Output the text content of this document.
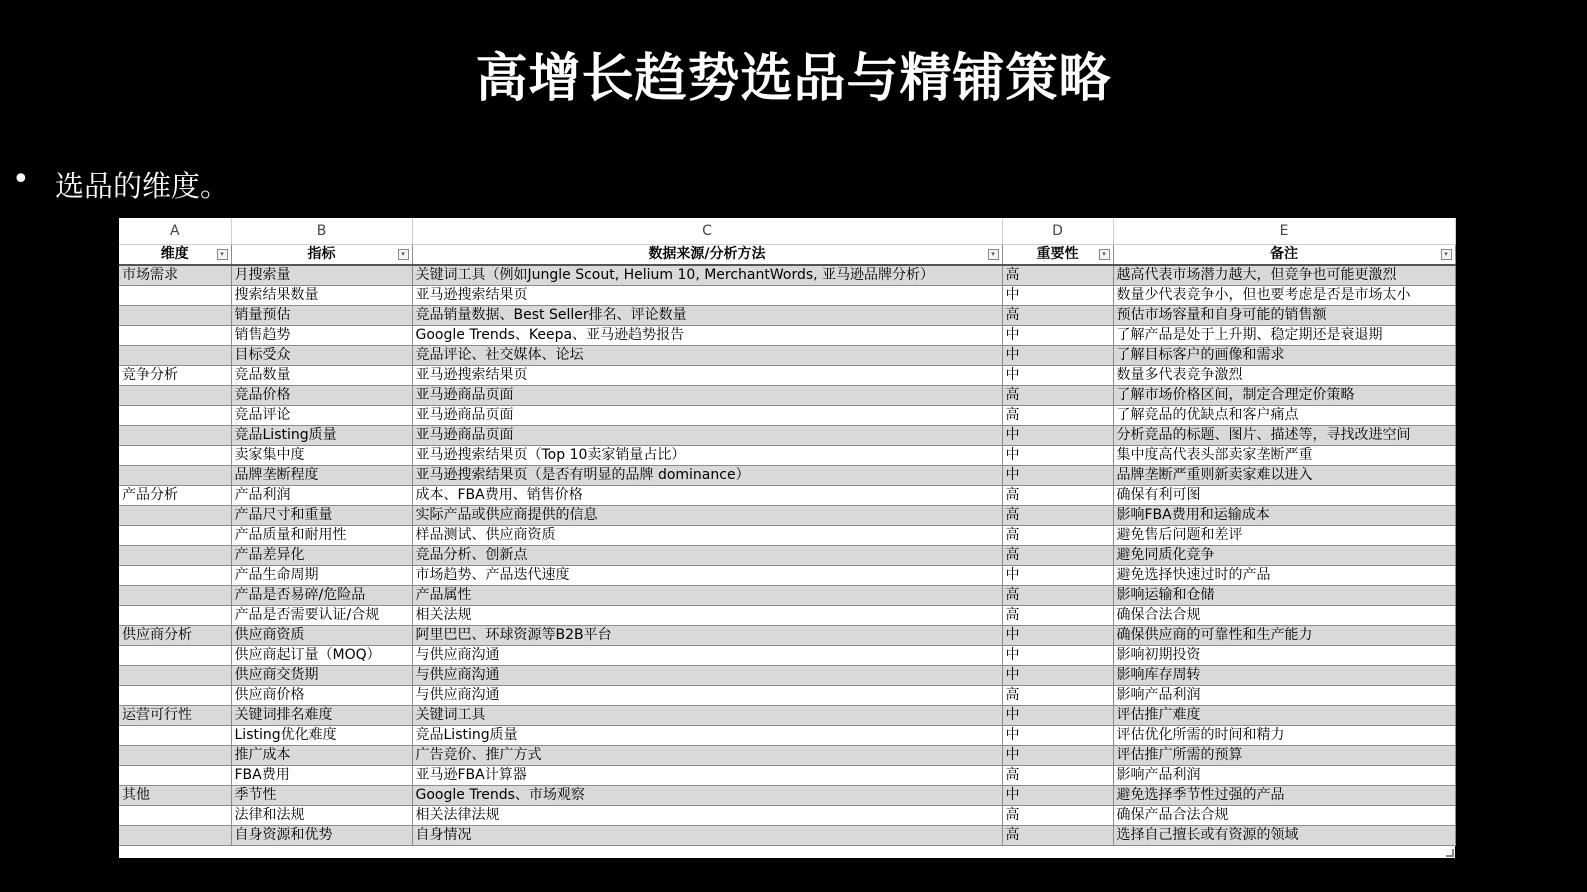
高增长趋势选品与精铺策略
• 选品的维度。
A	B	C	D	E
维度 ▾	指标 ▾	数据来源/分析方法 ▾	重要性 ▾	备注 ▾

市场需求	月搜索量	关键词工具（例如Jungle Scout, Helium 10, MerchantWords, 亚马逊品牌分析）	高	越高代表市场潜力越大，但竞争也可能更激烈
	搜索结果数量	亚马逊搜索结果页	中	数量少代表竞争小，但也要考虑是否是市场太小
	销量预估	竞品销量数据、Best Seller排名、评论数量	高	预估市场容量和自身可能的销售额
	销售趋势	Google Trends、Keepa、亚马逊趋势报告	中	了解产品是处于上升期、稳定期还是衰退期
	目标受众	竞品评论、社交媒体、论坛	中	了解目标客户的画像和需求
竞争分析	竞品数量	亚马逊搜索结果页	中	数量多代表竞争激烈
	竞品价格	亚马逊商品页面	高	了解市场价格区间，制定合理定价策略
	竞品评论	亚马逊商品页面	高	了解竞品的优缺点和客户痛点
	竞品Listing质量	亚马逊商品页面	中	分析竞品的标题、图片、描述等，寻找改进空间
	卖家集中度	亚马逊搜索结果页（Top 10卖家销量占比）	中	集中度高代表头部卖家垄断严重
	品牌垄断程度	亚马逊搜索结果页（是否有明显的品牌 dominance）	中	品牌垄断严重则新卖家难以进入
产品分析	产品利润	成本、FBA费用、销售价格	高	确保有利可图
	产品尺寸和重量	实际产品或供应商提供的信息	高	影响FBA费用和运输成本
	产品质量和耐用性	样品测试、供应商资质	高	避免售后问题和差评
	产品差异化	竞品分析、创新点	高	避免同质化竞争
	产品生命周期	市场趋势、产品迭代速度	中	避免选择快速过时的产品
	产品是否易碎/危险品	产品属性	高	影响运输和仓储
	产品是否需要认证/合规	相关法规	高	确保合法合规
供应商分析	供应商资质	阿里巴巴、环球资源等B2B平台	中	确保供应商的可靠性和生产能力
	供应商起订量（MOQ）	与供应商沟通	中	影响初期投资
	供应商交货期	与供应商沟通	中	影响库存周转
	供应商价格	与供应商沟通	高	影响产品利润
运营可行性	关键词排名难度	关键词工具	中	评估推广难度
	Listing优化难度	竞品Listing质量	中	评估优化所需的时间和精力
	推广成本	广告竞价、推广方式	中	评估推广所需的预算
	FBA费用	亚马逊FBA计算器	高	影响产品利润
其他	季节性	Google Trends、市场观察	中	避免选择季节性过强的产品
	法律和法规	相关法律法规	高	确保产品合法合规
	自身资源和优势	自身情况	高	选择自己擅长或有资源的领域
